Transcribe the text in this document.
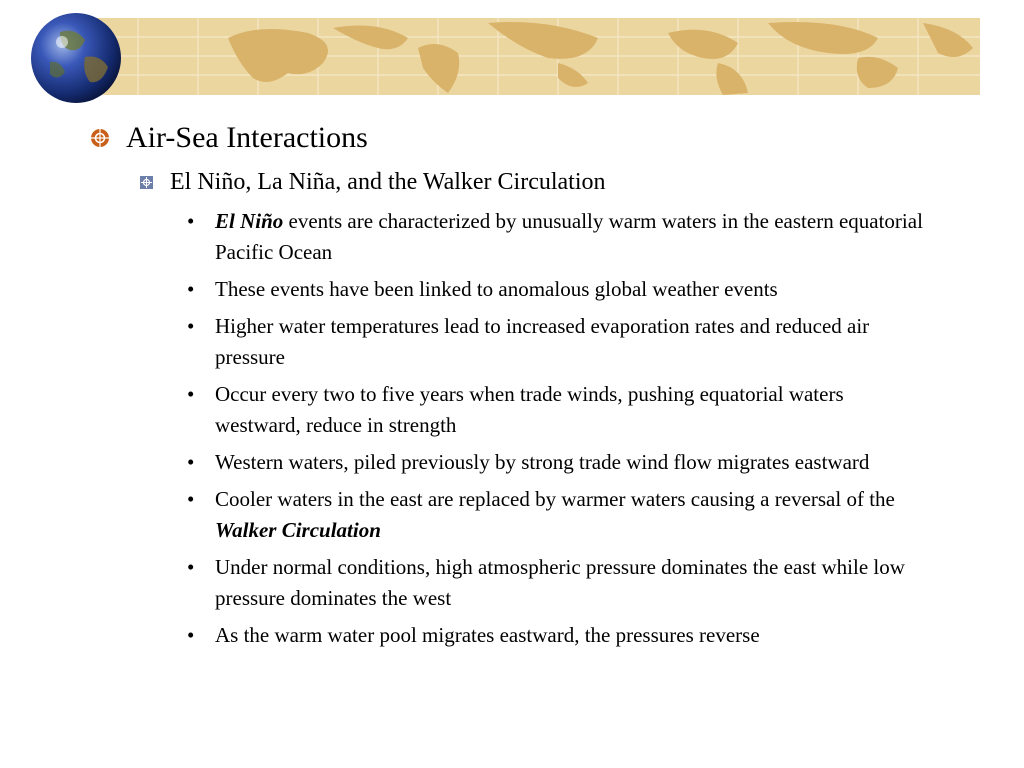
Air-Sea Interactions
El Niño, La Niña, and the Walker Circulation
• El Niño events are characterized by unusually warm waters in the eastern equatorial Pacific Ocean
• These events have been linked to anomalous global weather events
• Higher water temperatures lead to increased evaporation rates and reduced air pressure
• Occur every two to five years when trade winds, pushing equatorial waters westward, reduce in strength
• Western waters, piled previously by strong trade wind flow migrates eastward
• Cooler waters in the east are replaced by warmer waters causing a reversal of the Walker Circulation
• Under normal conditions, high atmospheric pressure dominates the east while low pressure dominates the west
• As the warm water pool migrates eastward, the pressures reverse
